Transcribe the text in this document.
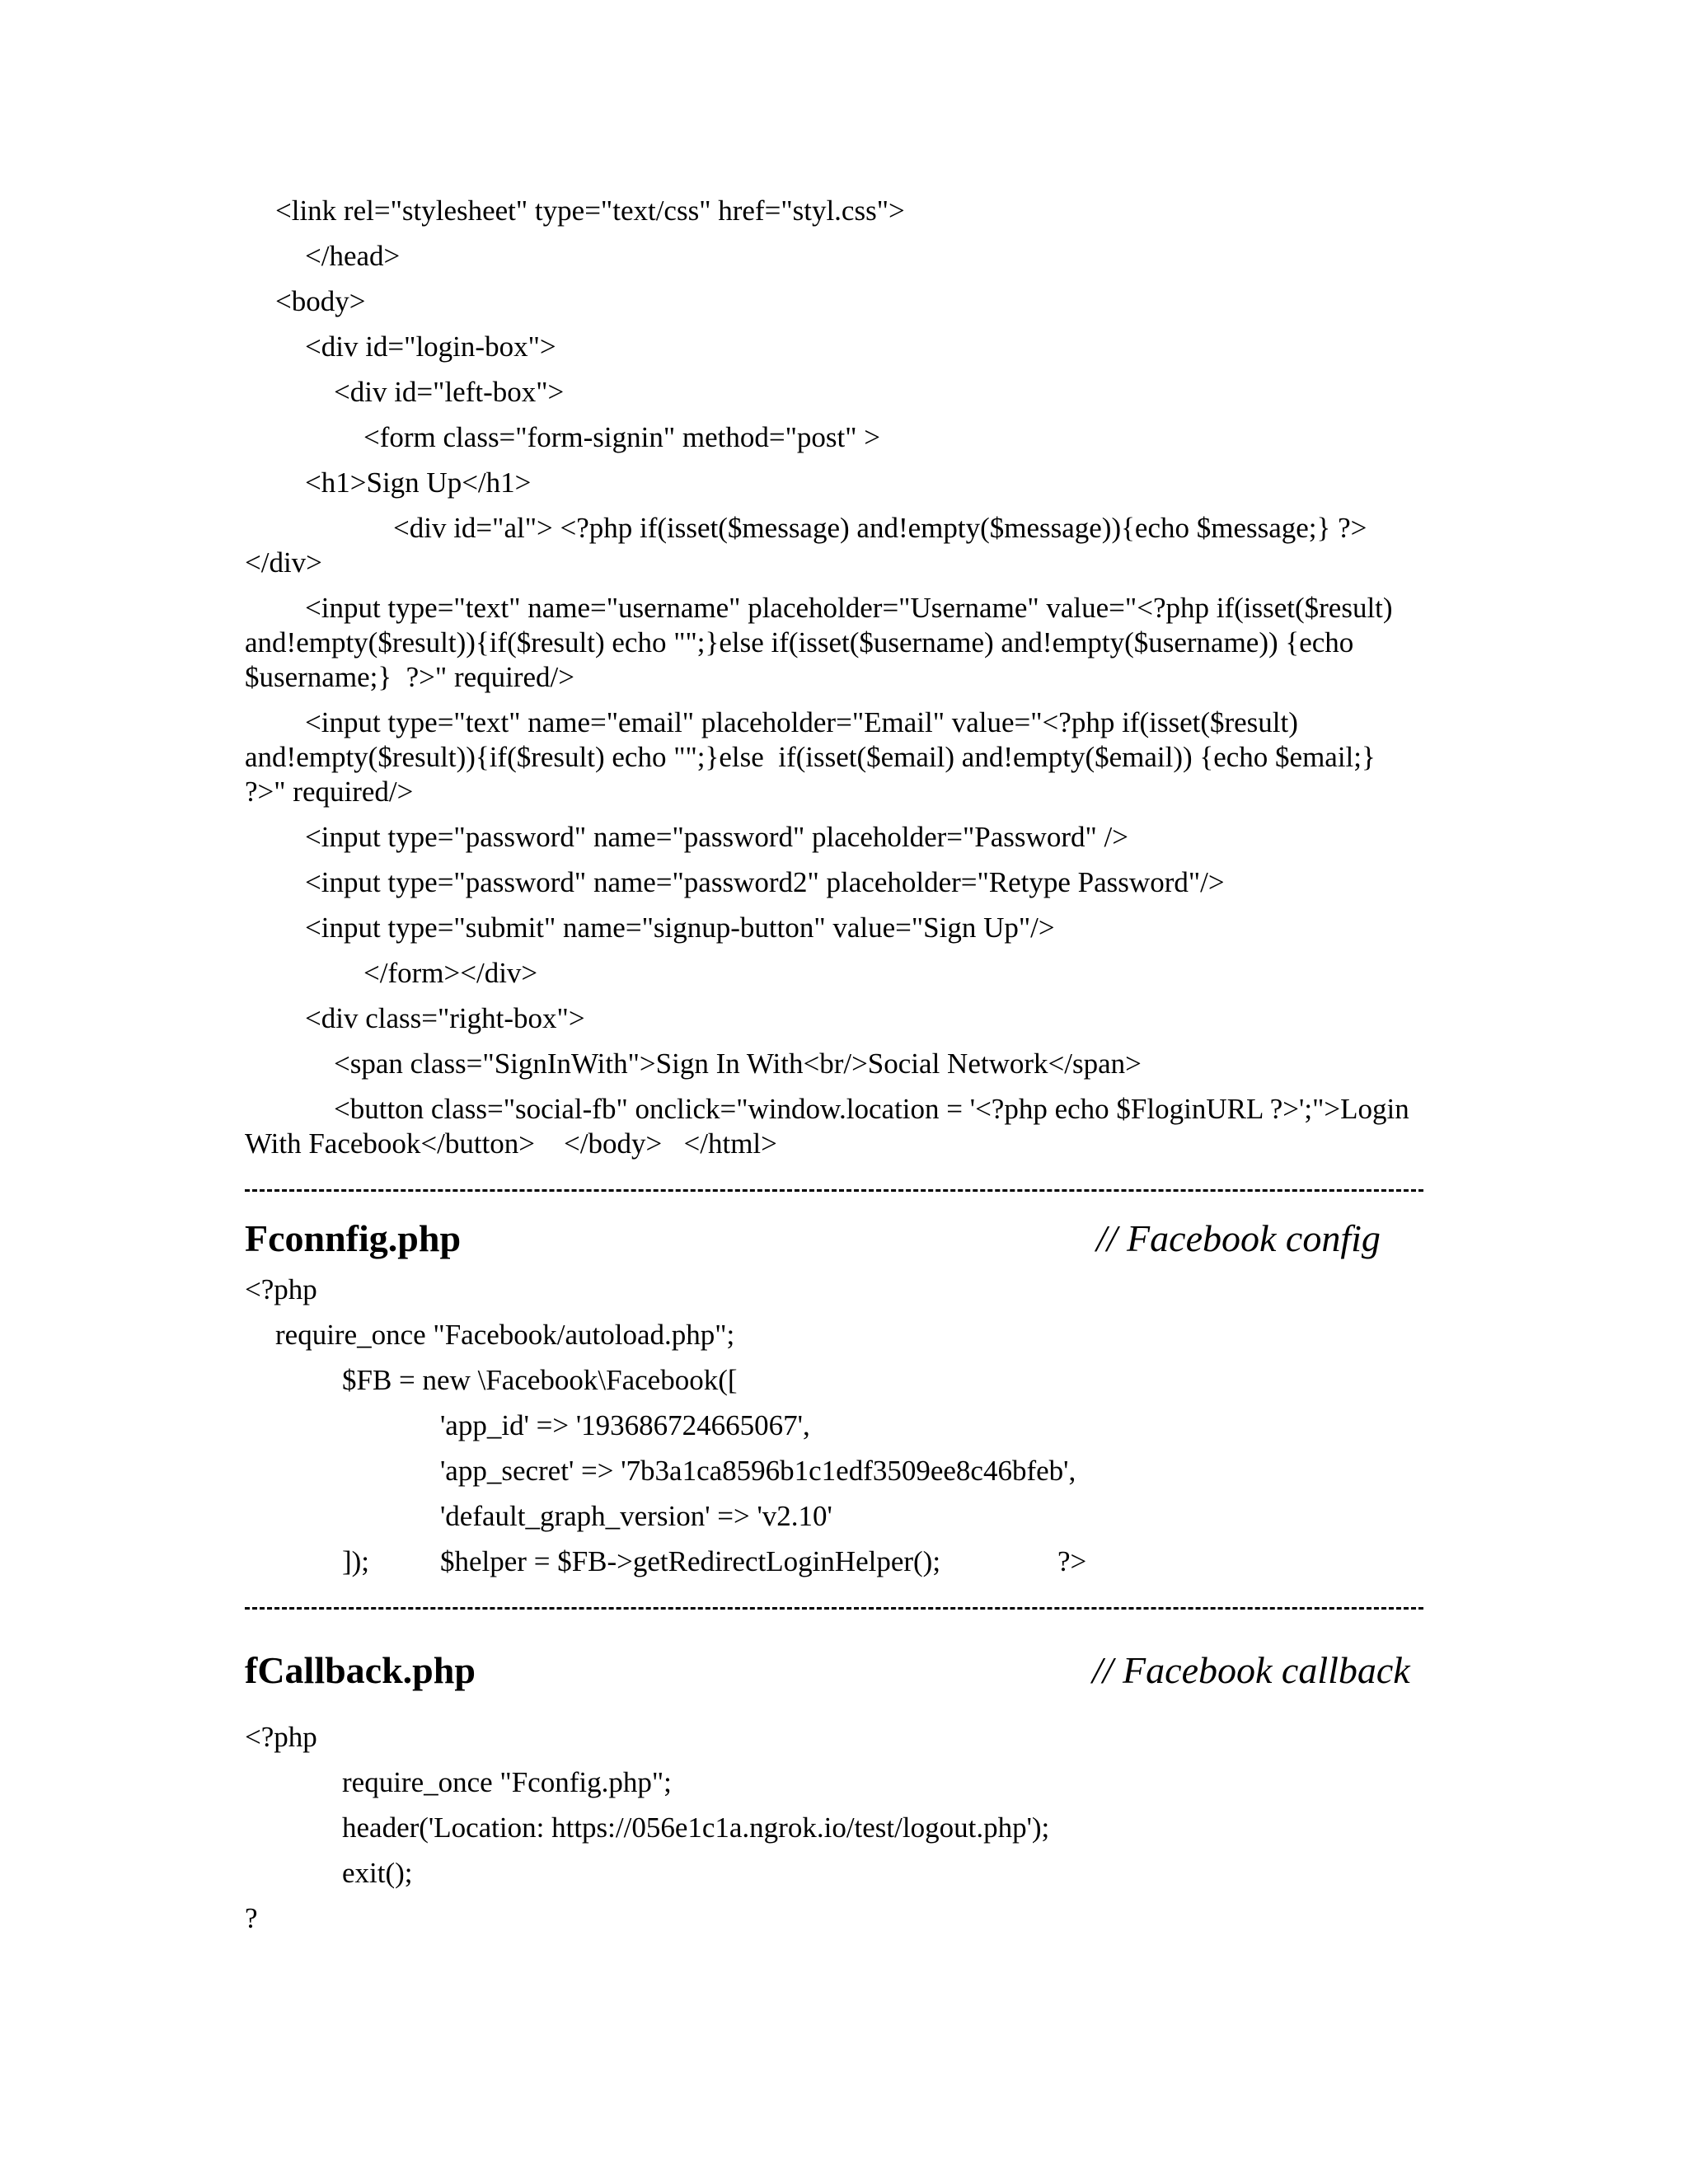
<link rel="stylesheet" type="text/css" href="styl.css">
</head>
<body>
<div id="login-box">
<div id="left-box">
<form class="form-signin" method="post" >
<h1>Sign Up</h1>
<div id="al"> <?php if(isset($message) and!empty($message)){echo $message;} ?>
</div>
<input type="text" name="username" placeholder="Username" value="<?php if(isset($result)
and!empty($result)){if($result) echo "";}else if(isset($username) and!empty($username)) {echo
$username;}  ?>" required/>
<input type="text" name="email" placeholder="Email" value="<?php if(isset($result)
and!empty($result)){if($result) echo "";}else  if(isset($email) and!empty($email)) {echo $email;}
?>" required/>
<input type="password" name="password" placeholder="Password" />
<input type="password" name="password2" placeholder="Retype Password"/>
<input type="submit" name="signup-button" value="Sign Up"/>
</form></div>
<div class="right-box">
<span class="SignInWith">Sign In With<br/>Social Network</span>
<button class="social-fb" onclick="window.location = '<?php echo $FloginURL ?>';">Login
With Facebook</button>    </body>   </html>
Fconnfig.php	// Facebook config
<?php
require_once "Facebook/autoload.php";
$FB = new \Facebook\Facebook([
'app_id' => '193686724665067',
'app_secret' => '7b3a1ca8596b1c1edf3509ee8c46bfeb',
'default_graph_version' => 'v2.10'
]); $helper = $FB->getRedirectLoginHelper();	?>
fCallback.php	// Facebook callback
<?php
require_once "Fconfig.php";
header('Location: https://056e1c1a.ngrok.io/test/logout.php');
exit();
?
